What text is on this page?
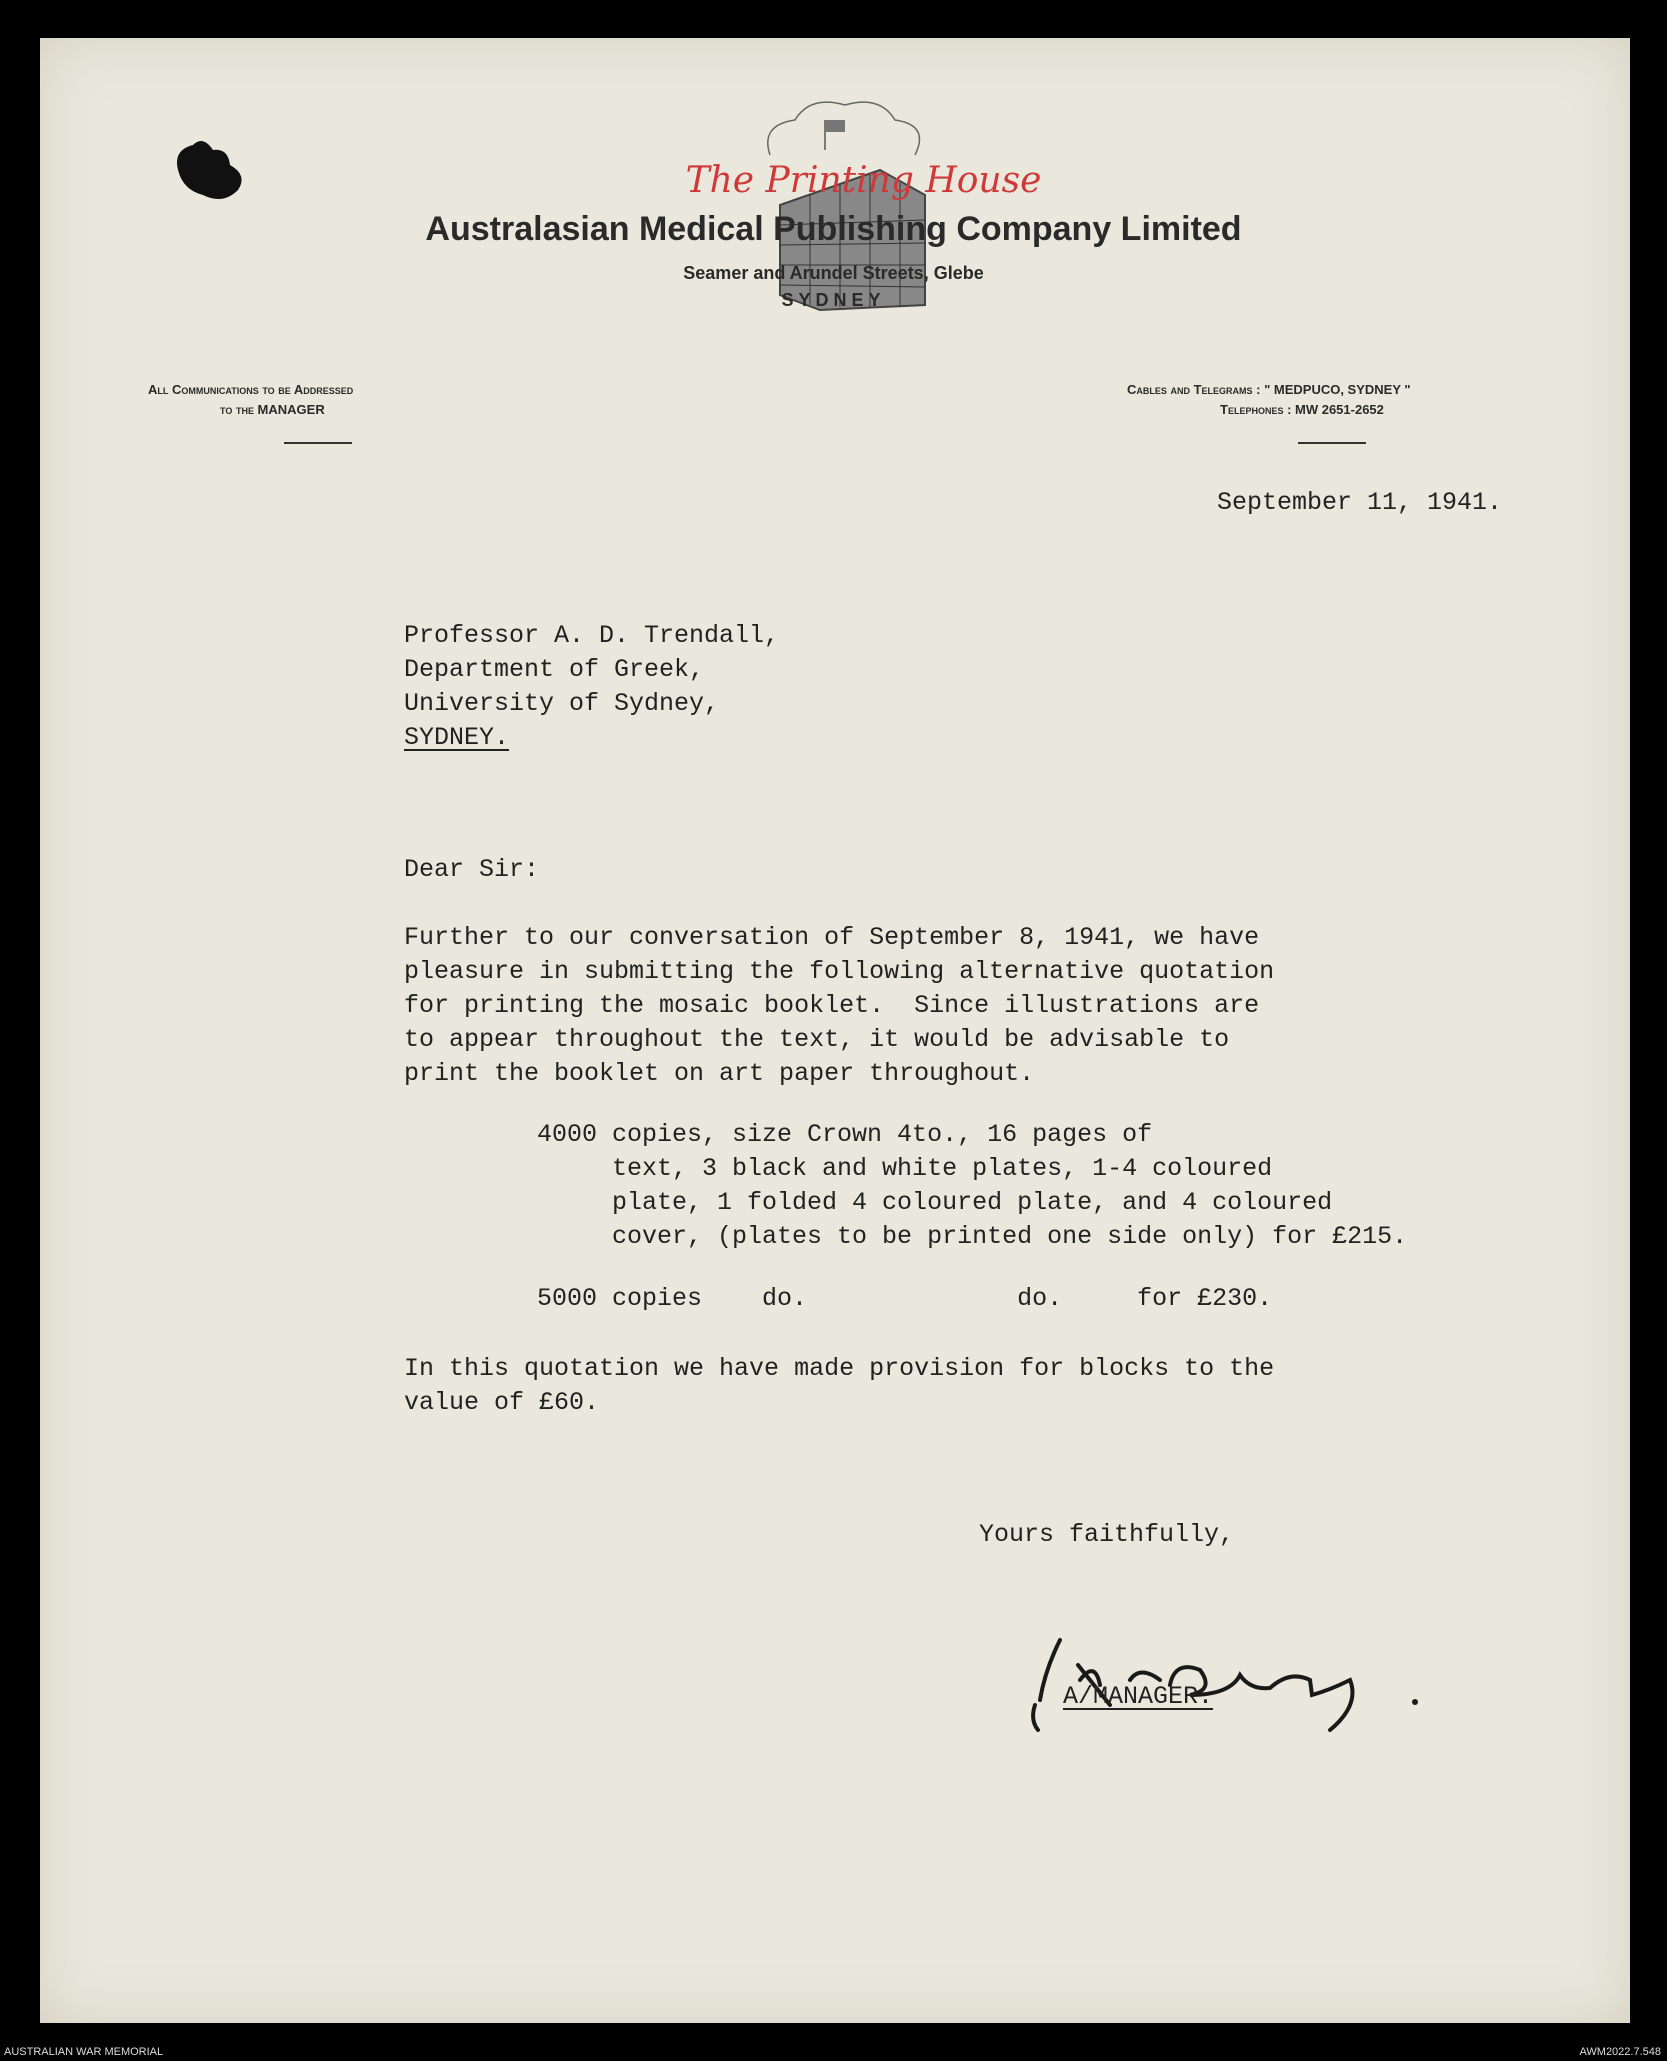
The Printing House
Australasian Medical Publishing Company Limited
Seamer and Arundel Streets, Glebe
SYDNEY
All Communications to be Addressed
to the MANAGER
Cables and Telegrams : " MEDPUCO, SYDNEY "
Telephones : MW 2651-2652
September 11, 1941.
Professor A. D. Trendall,
Department of Greek,
University of Sydney,
SYDNEY.
Dear Sir:
Further to our conversation of September 8, 1941, we have
pleasure in submitting the following alternative quotation
for printing the mosaic booklet.  Since illustrations are
to appear throughout the text, it would be advisable to
print the booklet on art paper throughout.
4000 copies, size Crown 4to., 16 pages of
text, 3 black and white plates, 1-4 coloured
plate, 1 folded 4 coloured plate, and 4 coloured
cover, (plates to be printed one side only) for £215.
5000 copies    do.              do.     for £230.
In this quotation we have made provision for blocks to the
value of £60.
Yours faithfully,
A/MANAGER.
AUSTRALIAN WAR MEMORIAL	AWM2022.7.548
